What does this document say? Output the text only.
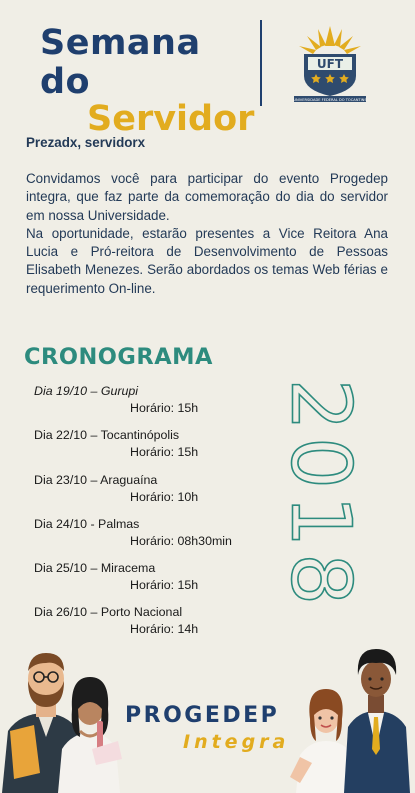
Semana do
Servidor
UFT
UNIVERSIDADE FEDERAL DO TOCANTINS
Prezadx, servidorx
Convidamos você para participar do evento Progedep integra, que faz parte da comemoração do dia do servidor em nossa Universidade.
Na oportunidade, estarão presentes a Vice Reitora Ana Lucia e Pró-reitora de Desenvolvimento de Pessoas Elisabeth Menezes. Serão abordados os temas Web férias e requerimento On-line.
CRONOGRAMA
Dia 19/10 – Gurupi
Horário: 15h
Dia 22/10 – Tocantinópolis
Horário: 15h
Dia 23/10 – Araguaína
Horário: 10h
Dia 24/10 - Palmas
Horário: 08h30min
Dia 25/10 – Miracema
Horário: 15h
Dia 26/10 – Porto Nacional
Horário: 14h
2018
PROGEDEP
Integra
